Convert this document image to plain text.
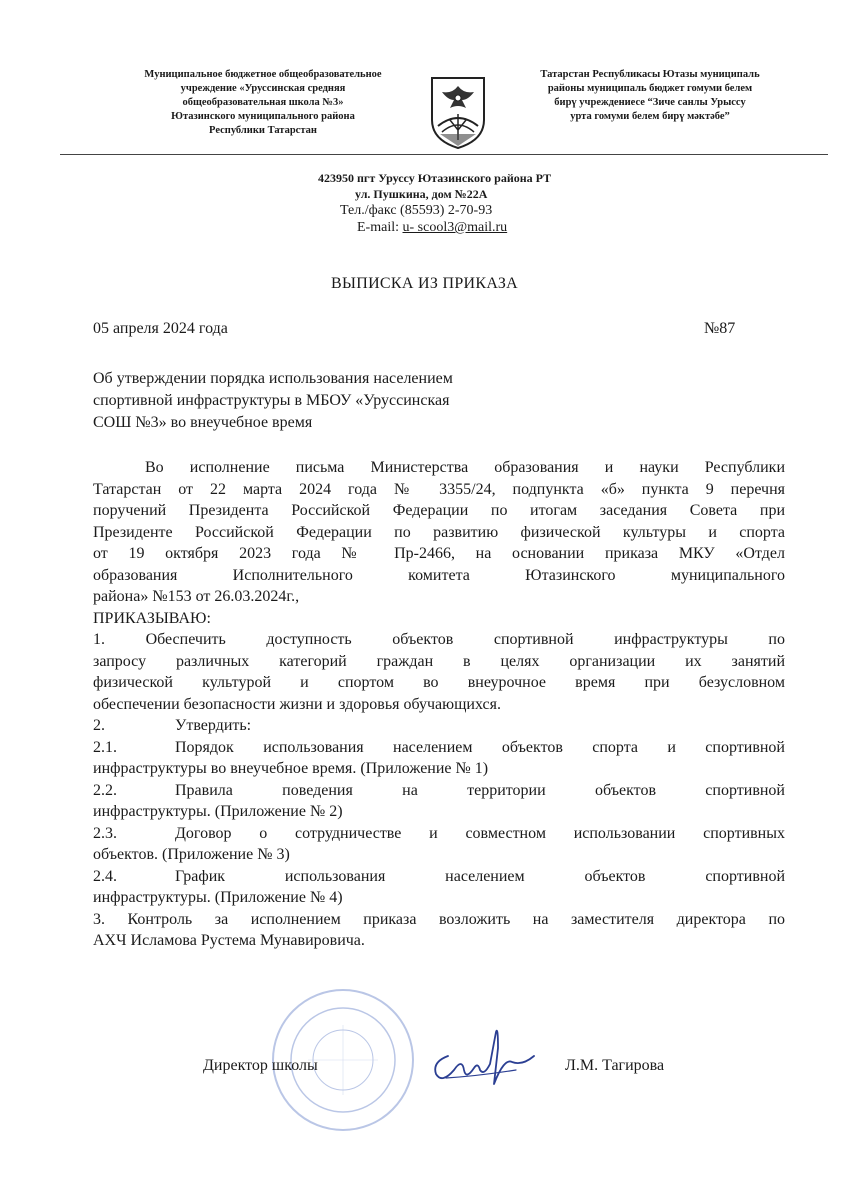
Муниципальное бюджетное общеобразовательное
учреждение «Уруссинская средняя
общеобразовательная школа №3»
Ютазинского муниципального района
Республики Татарстан
Татарстан Республикасы Ютазы муниципаль
районы муниципаль бюджет гомуми белем
бирү учреждениесе “Зиче санлы Урыссу
урта гомуми белем бирү мәктәбе”
423950 пгт Уруссу Ютазинского района РТ
ул. Пушкина, дом №22А
Тел./факс (85593) 2-70-93
E-mail: u- scool3@mail.ru
ВЫПИСКА ИЗ ПРИКАЗА
05 апреля 2024 года	№87
Об утверждении порядка использования населением
спортивной инфраструктуры в МБОУ «Уруссинская
СОШ №3» во внеучебное время
Во исполнение письма Министерства образования и науки Республики
Татарстан от 22 марта 2024 года № 3355/24, подпункта «б» пункта 9 перечня
поручений Президента Российской Федерации по итогам заседания Совета при
Президенте Российской Федерации по развитию физической культуры и спорта
от 19 октября 2023 года № Пр-2466, на основании приказа МКУ «Отдел
образования Исполнительного комитета Ютазинского муниципального
района» №153 от 26.03.2024г.,
ПРИКАЗЫВАЮ:
1. Обеспечить доступность объектов спортивной инфраструктуры по
запросу различных категорий граждан в целях организации их занятий
физической культурой и спортом во внеурочное время при безусловном
обеспечении безопасности жизни и здоровья обучающихся.
2.	Утвердить:
2.1.	Порядок использования населением объектов спорта и спортивной
инфраструктуры во внеучебное время. (Приложение № 1)
2.2.	Правила поведения на территории объектов спортивной
инфраструктуры. (Приложение № 2)
2.3.	Договор о сотрудничестве и совместном использовании спортивных
объектов. (Приложение № 3)
2.4.	График использования населением объектов спортивной
инфраструктуры. (Приложение № 4)
3. Контроль за исполнением приказа возложить на заместителя директора по
АХЧ Исламова Рустема Мунавировича.
Директор школы	Л.М. Тагирова
